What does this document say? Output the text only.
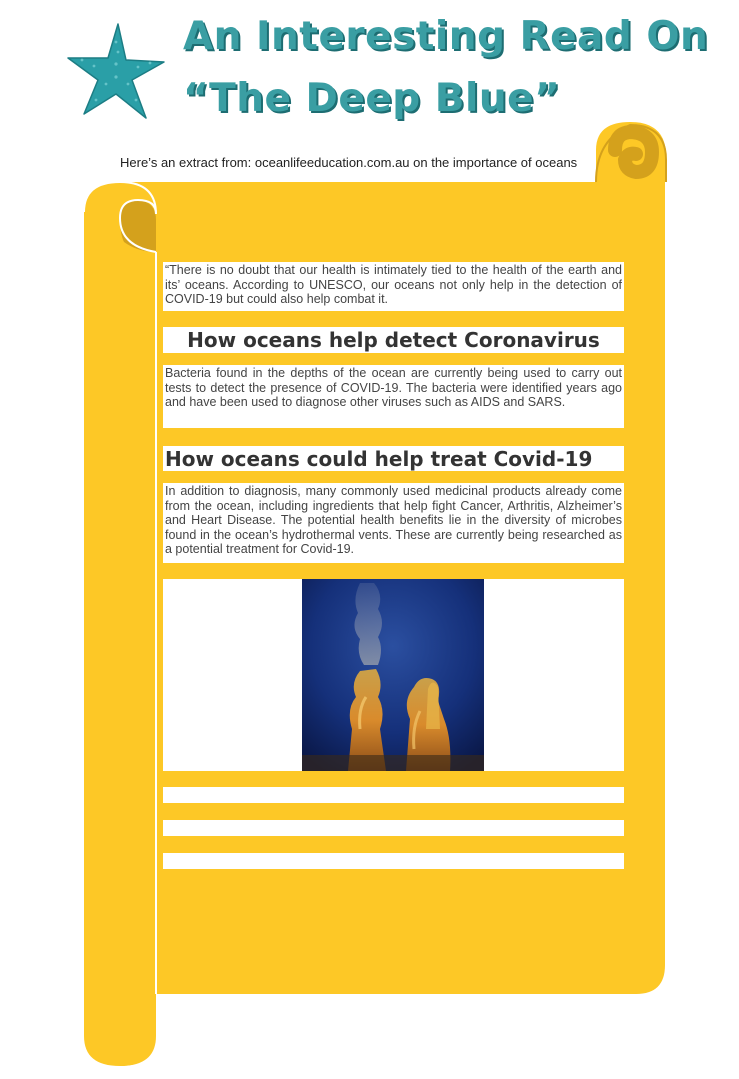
An Interesting Read On
“The Deep Blue”

Here’s an extract from: oceanlifeeducation.com.au on the importance of oceans

“There is no doubt that our health is intimately tied to the health of the earth and its’ oceans. According to UNESCO, our oceans not only help in the detection of COVID-19 but could also help combat it.
How oceans help detect Coronavirus
Bacteria found in the depths of the ocean are currently being used to carry out tests to detect the presence of COVID-19. The bacteria were identified years ago and have been used to diagnose other viruses such as AIDS and SARS.
How oceans could help treat Covid-19
In addition to diagnosis, many commonly used medicinal products already come from the ocean, including ingredients that help fight Cancer, Arthritis, Alzheimer’s and Heart Disease. The potential health benefits lie in the diversity of microbes found in the ocean’s hydrothermal vents. These are currently being researched as a potential treatment for Covid-19.
